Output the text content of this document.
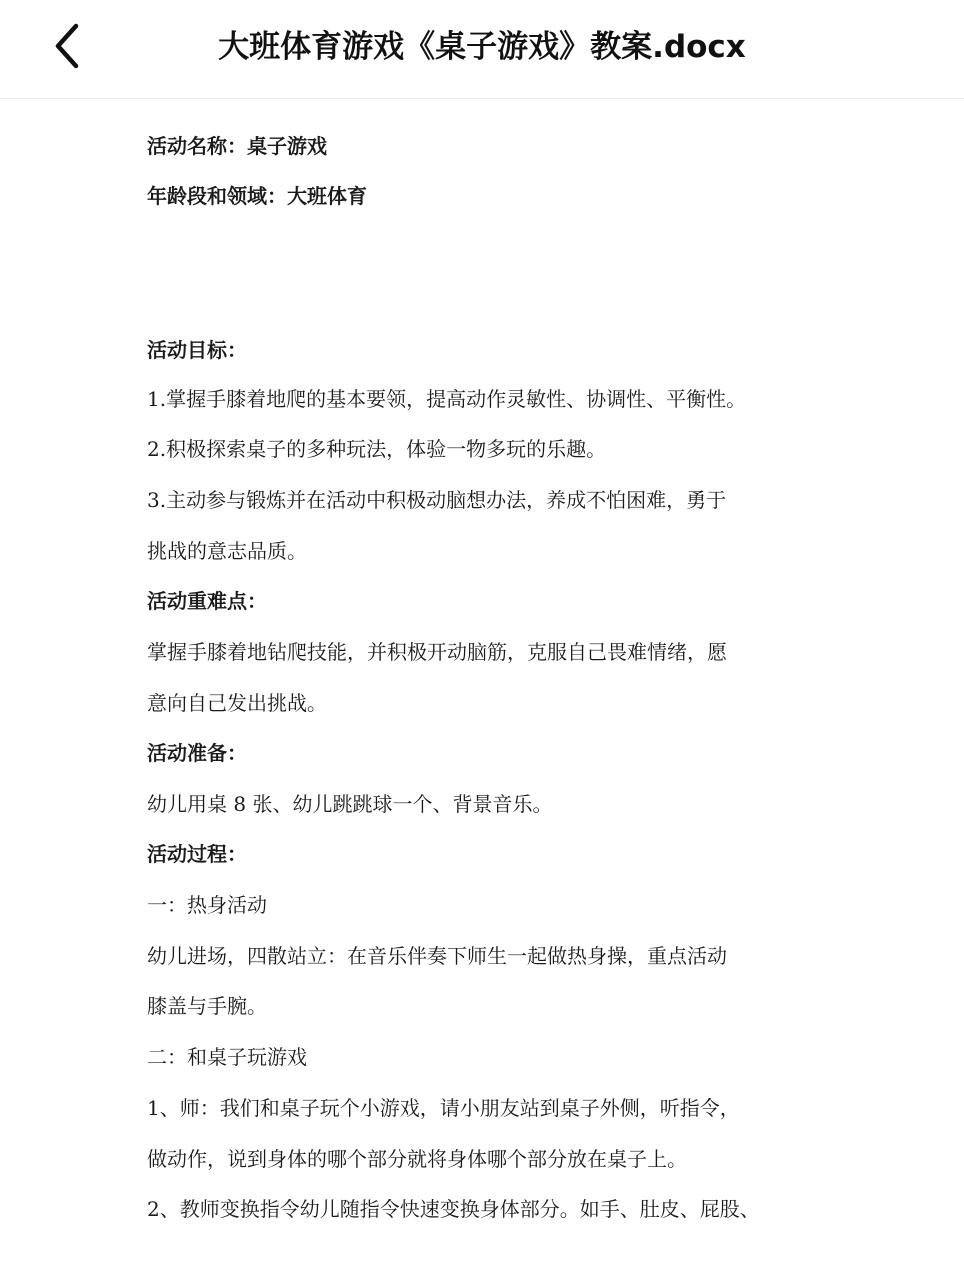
大班体育游戏《桌子游戏》教案.docx
活动名称：桌子游戏
年龄段和领域：大班体育
活动目标：
1.掌握手膝着地爬的基本要领，提高动作灵敏性、协调性、平衡性。
2.积极探索桌子的多种玩法，体验一物多玩的乐趣。
3.主动参与锻炼并在活动中积极动脑想办法，养成不怕困难，勇于
挑战的意志品质。
活动重难点：
掌握手膝着地钻爬技能，并积极开动脑筋，克服自己畏难情绪，愿
意向自己发出挑战。
活动准备：
幼儿用桌 8 张、幼儿跳跳球一个、背景音乐。
活动过程：
一：热身活动
幼儿进场，四散站立：在音乐伴奏下师生一起做热身操，重点活动
膝盖与手腕。
二：和桌子玩游戏
1、师：我们和桌子玩个小游戏，请小朋友站到桌子外侧，听指令，
做动作，说到身体的哪个部分就将身体哪个部分放在桌子上。
2、教师变换指令幼儿随指令快速变换身体部分。如手、肚皮、屁股、
